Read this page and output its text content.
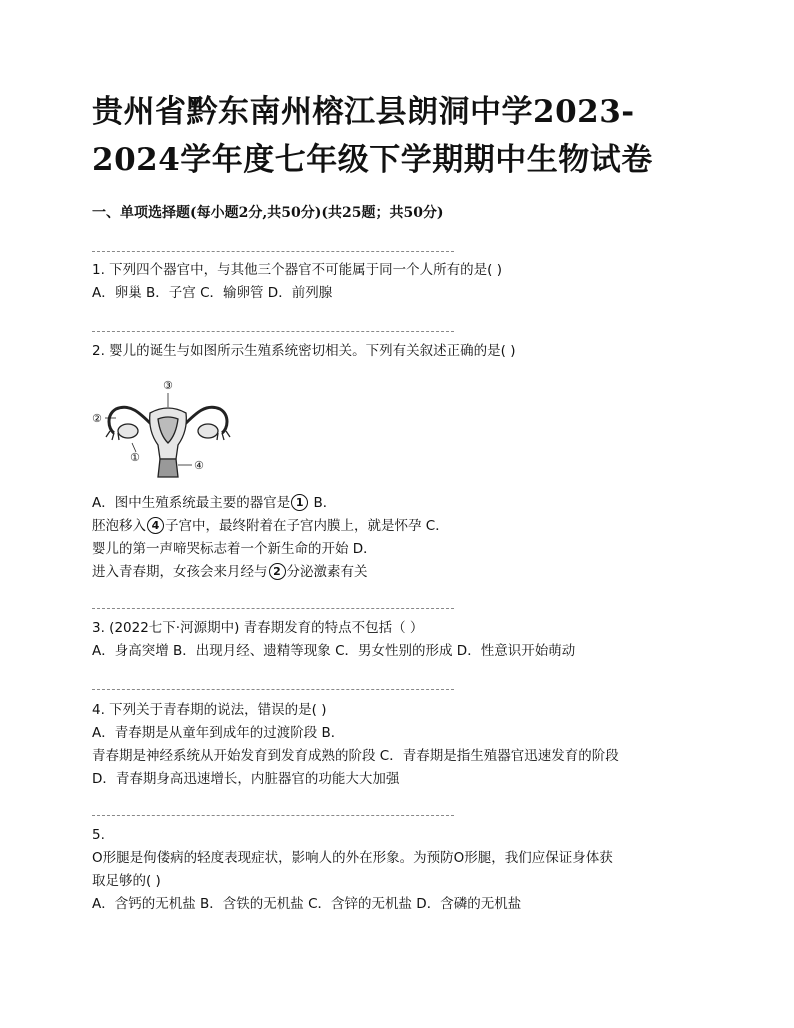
贵州省黔东南州榕江县朗洞中学2023-
2024学年度七年级下学期期中生物试卷
一、单项选择题(每小题2分,共50分)(共25题；共50分)
1. 下列四个器官中，与其他三个器官不可能属于同一个人所有的是( )
A．卵巢 B．子宫 C．输卵管 D．前列腺
2. 婴儿的诞生与如图所示生殖系统密切相关。下列有关叙述正确的是( )
③
②
①
④
A．图中生殖系统最主要的器官是 1 B．
胚泡移入 4 子宫中，最终附着在子宫内膜上，就是怀孕 C．
婴儿的第一声啼哭标志着一个新生命的开始 D．
进入青春期，女孩会来月经与 2 分泌激素有关
3. (2022七下·河源期中) 青春期发育的特点不包括（ ）
A．身高突增 B．出现月经、遗精等现象 C．男女性别的形成 D．性意识开始萌动
4. 下列关于青春期的说法，错误的是( )
A．青春期是从童年到成年的过渡阶段 B．
青春期是神经系统从开始发育到发育成熟的阶段 C．青春期是指生殖器官迅速发育的阶段
D．青春期身高迅速增长，内脏器官的功能大大加强
5.
O形腿是佝偻病的轻度表现症状，影响人的外在形象。为预防O形腿，我们应保证身体获
取足够的( )
A．含钙的无机盐 B．含铁的无机盐 C．含锌的无机盐 D．含磷的无机盐
